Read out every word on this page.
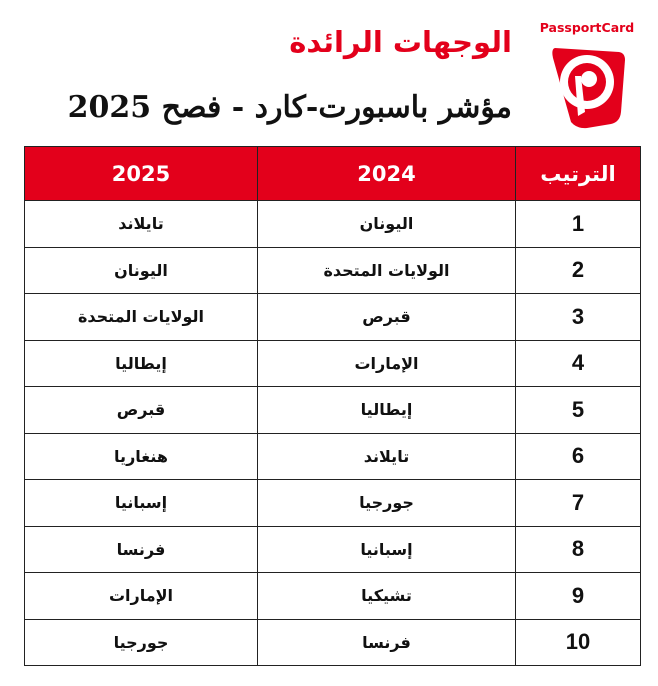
الوجهات الرائدة
مؤشر باسبورت-كارد - فصح 2025
PassportCard
الترتيب	2024	2025
1	اليونان	تايلاند
2	الولايات المتحدة	اليونان
3	قبرص	الولايات المتحدة
4	الإمارات	إيطاليا
5	إيطاليا	قبرص
6	تايلاند	هنغاريا
7	جورجيا	إسبانيا
8	إسبانيا	فرنسا
9	تشيكيا	الإمارات
10	فرنسا	جورجيا
